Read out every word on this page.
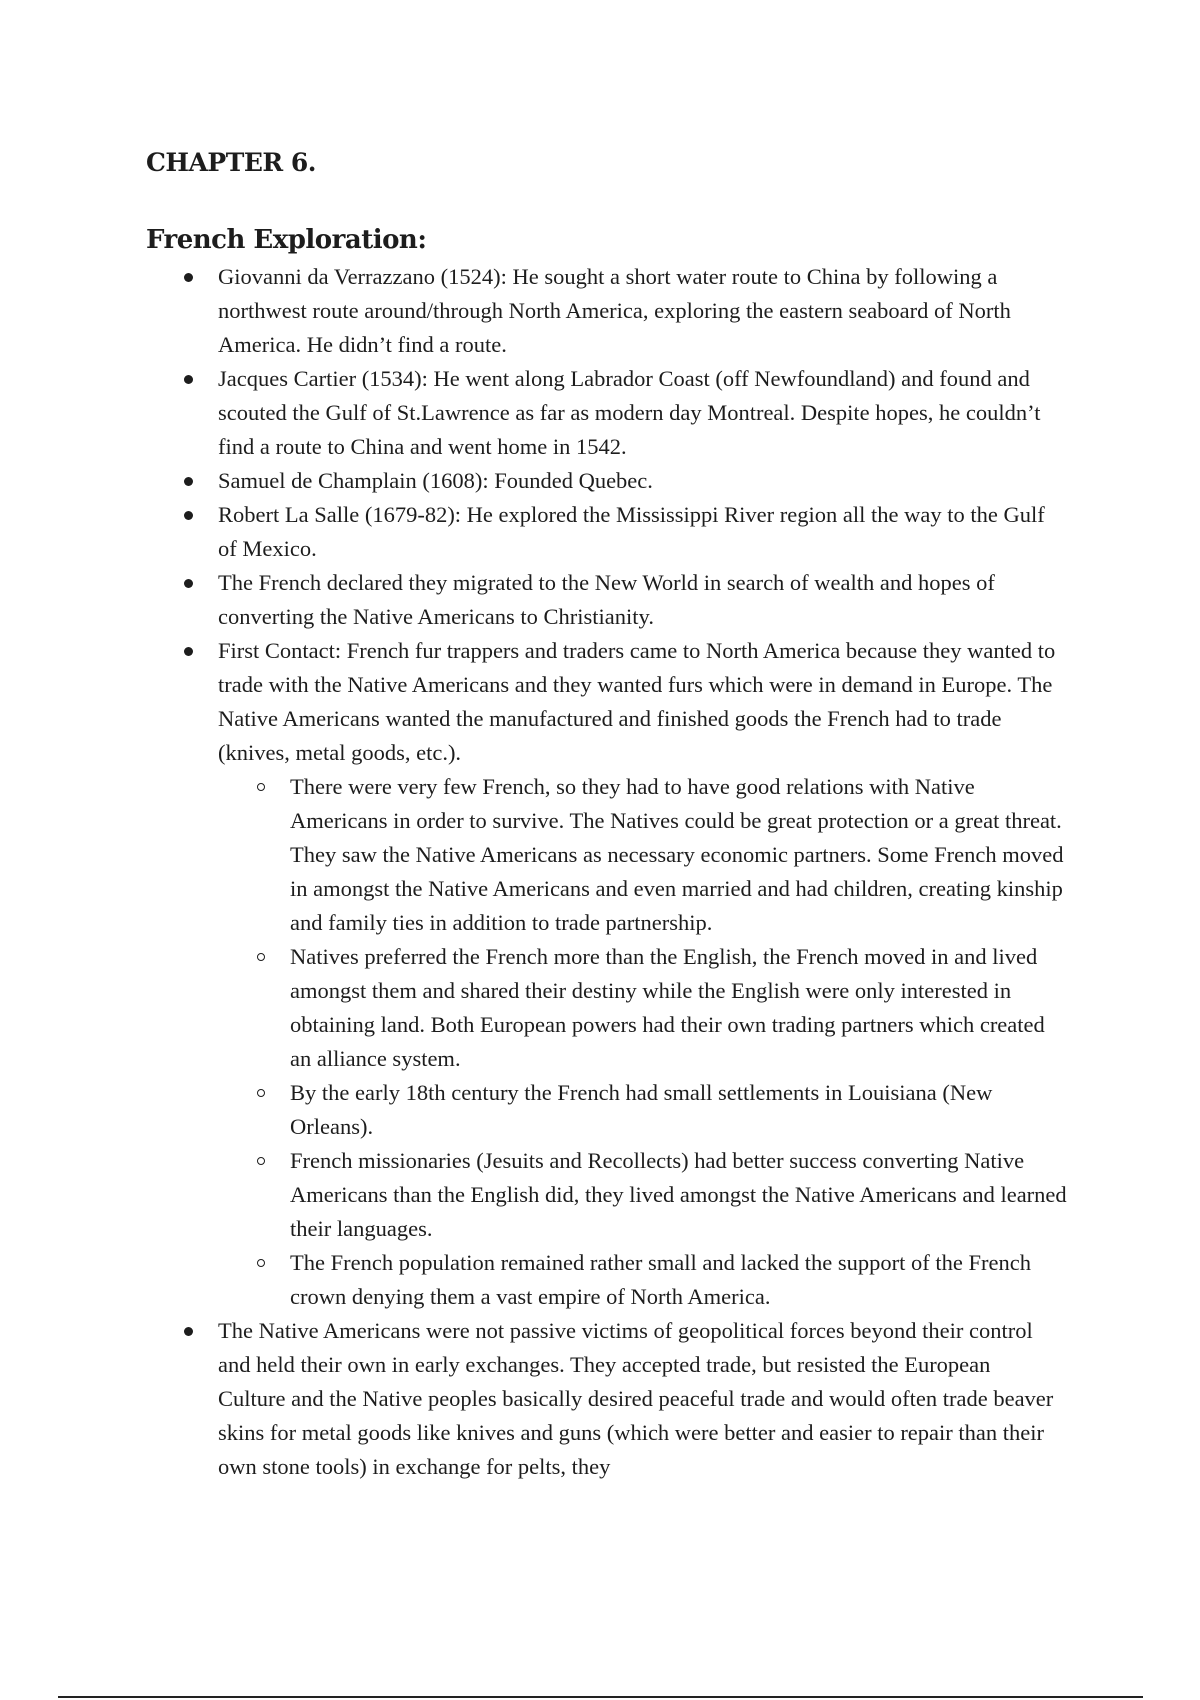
CHAPTER 6.
French Exploration:
Giovanni da Verrazzano (1524): He sought a short water route to China by following a northwest route around/through North America, exploring the eastern seaboard of North America. He didn’t find a route.
Jacques Cartier (1534): He went along Labrador Coast (off Newfoundland) and found and scouted the Gulf of St.Lawrence as far as modern day Montreal. Despite hopes, he couldn’t find a route to China and went home in 1542.
Samuel de Champlain (1608): Founded Quebec.
Robert La Salle (1679-82): He explored the Mississippi River region all the way to the Gulf of Mexico.
The French declared they migrated to the New World in search of wealth and hopes of converting the Native Americans to Christianity.
First Contact: French fur trappers and traders came to North America because they wanted to trade with the Native Americans and they wanted furs which were in demand in Europe. The Native Americans wanted the manufactured and finished goods the French had to trade (knives, metal goods, etc.).
There were very few French, so they had to have good relations with Native Americans in order to survive. The Natives could be great protection or a great threat. They saw the Native Americans as necessary economic partners. Some French moved in amongst the Native Americans and even married and had children, creating kinship and family ties in addition to trade partnership.
Natives preferred the French more than the English, the French moved in and lived amongst them and shared their destiny while the English were only interested in obtaining land. Both European powers had their own trading partners which created an alliance system.
By the early 18th century the French had small settlements in Louisiana (New Orleans).
French missionaries (Jesuits and Recollects) had better success converting Native Americans than the English did, they lived amongst the Native Americans and learned their languages.
The French population remained rather small and lacked the support of the French crown denying them a vast empire of North America.
The Native Americans were not passive victims of geopolitical forces beyond their control and held their own in early exchanges. They accepted trade, but resisted the European Culture and the Native peoples basically desired peaceful trade and would often trade beaver skins for metal goods like knives and guns (which were better and easier to repair than their own stone tools) in exchange for pelts, they
